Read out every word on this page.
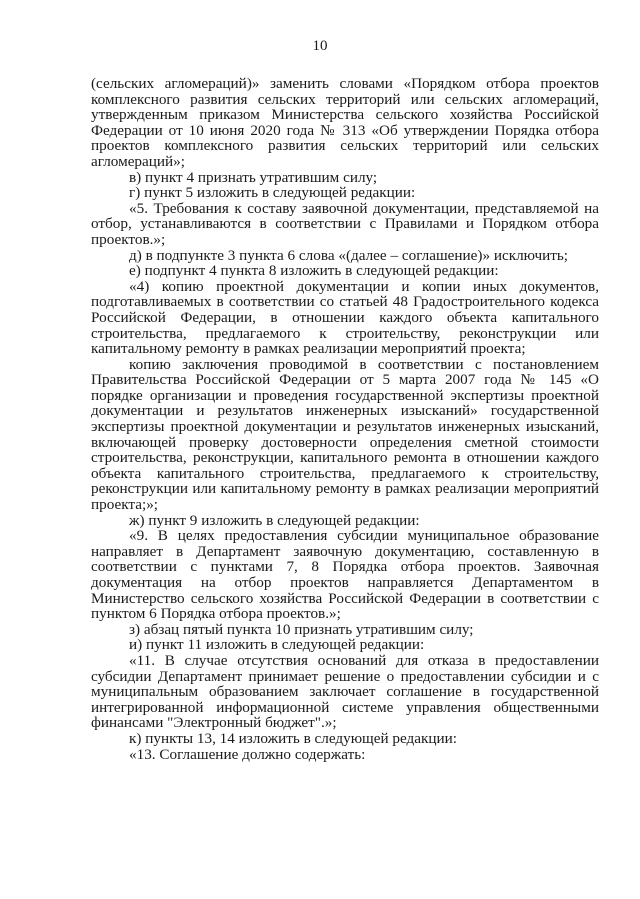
10

(сельских агломераций)» заменить словами «Порядком отбора проектов комплексного развития сельских территорий или сельских агломераций, утвержденным приказом Министерства сельского хозяйства Российской Федерации от 10 июня 2020 года № 313 «Об утверждении Порядка отбора проектов комплексного развития сельских территорий или сельских агломераций»;

в) пункт 4 признать утратившим силу;

г) пункт 5 изложить в следующей редакции:

«5. Требования к составу заявочной документации, представляемой на отбор, устанавливаются в соответствии с Правилами и Порядком отбора проектов.»;

д) в подпункте 3 пункта 6 слова «(далее – соглашение)» исключить;

е) подпункт 4 пункта 8 изложить в следующей редакции:

«4) копию проектной документации и копии иных документов, подготавливаемых в соответствии со статьей 48 Градостроительного кодекса Российской Федерации, в отношении каждого объекта капитального строительства, предлагаемого к строительству, реконструкции или капитальному ремонту в рамках реализации мероприятий проекта;

копию заключения проводимой в соответствии с постановлением Правительства Российской Федерации от 5 марта 2007 года № 145 «О порядке организации и проведения государственной экспертизы проектной документации и результатов инженерных изысканий» государственной экспертизы проектной документации и результатов инженерных изысканий, включающей проверку достоверности определения сметной стоимости строительства, реконструкции, капитального ремонта в отношении каждого объекта капитального строительства, предлагаемого к строительству, реконструкции или капитальному ремонту в рамках реализации мероприятий проекта;»;

ж) пункт 9 изложить в следующей редакции:

«9. В целях предоставления субсидии муниципальное образование направляет в Департамент заявочную документацию, составленную в соответствии с пунктами 7, 8 Порядка отбора проектов. Заявочная документация на отбор проектов направляется Департаментом в Министерство сельского хозяйства Российской Федерации в соответствии с пунктом 6 Порядка отбора проектов.»;

з) абзац пятый пункта 10 признать утратившим силу;

и) пункт 11 изложить в следующей редакции:

«11. В случае отсутствия оснований для отказа в предоставлении субсидии Департамент принимает решение о предоставлении субсидии и с муниципальным образованием заключает соглашение в государственной интегрированной информационной системе управления общественными финансами "Электронный бюджет".»;

к) пункты 13, 14 изложить в следующей редакции:

«13. Соглашение должно содержать:
